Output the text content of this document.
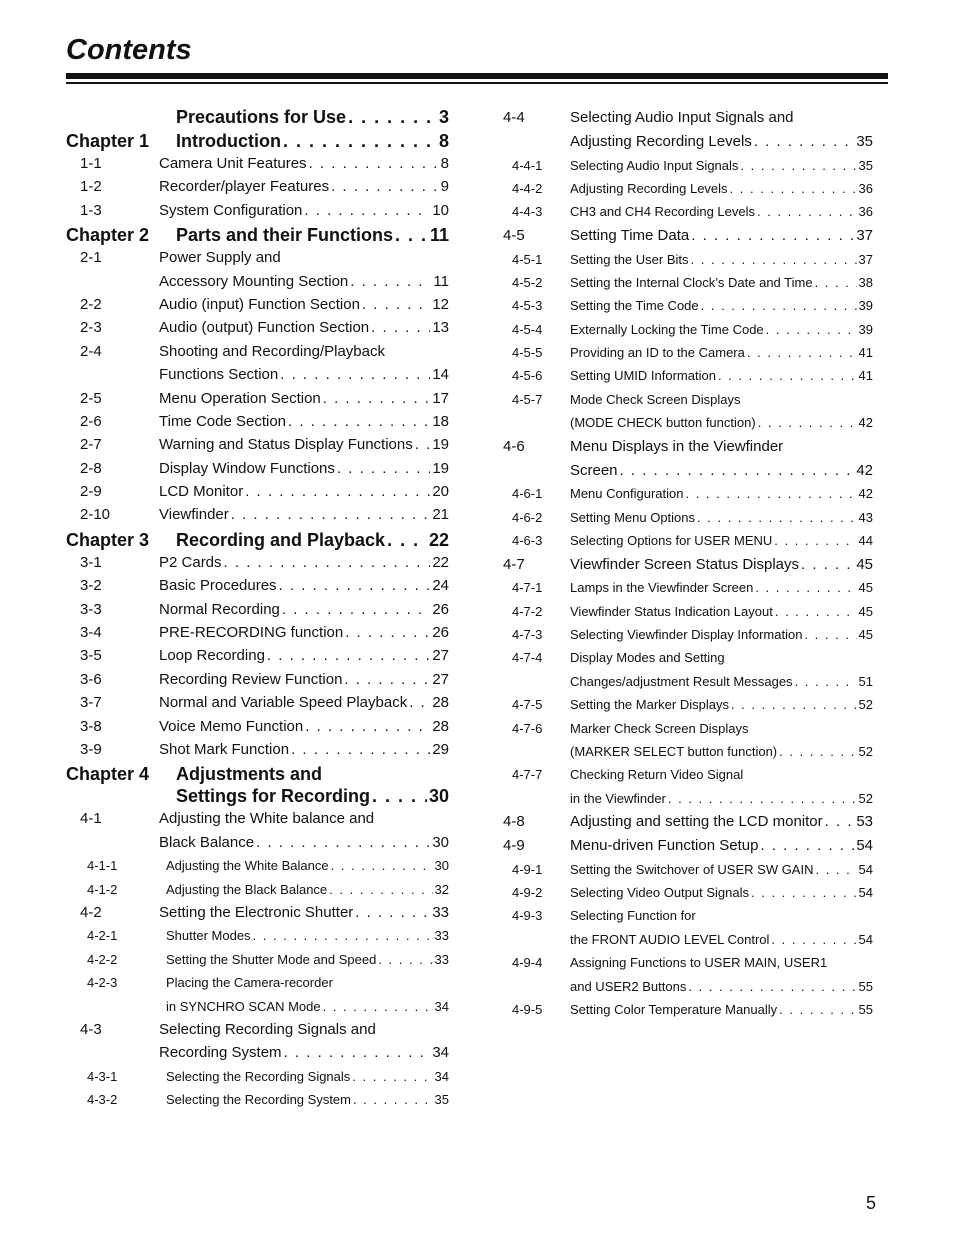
Contents
Precautions for Use . . .	3
Chapter 1	Introduction . . .	8
1-1	Camera Unit Features . . .	8
1-2	Recorder/player Features . . .	9
1-3	System Configuration . . .	10
Chapter 2	Parts and their Functions . . . 11
2-1	Power Supply and
Accessory Mounting Section . . .	11
2-2	Audio (input) Function Section . . .	12
2-3	Audio (output) Function Section . . .	13
2-4	Shooting and Recording/Playback
Functions Section . . .	14
2-5	Menu Operation Section . . .	17
2-6	Time Code Section . . .	18
2-7	Warning and Status Display Functions . . . 19
2-8	Display Window Functions . . .	19
2-9	LCD Monitor . . .	20
2-10	Viewfinder . . .	21
Chapter 3	Recording and Playback . . . 22
3-1	P2 Cards . . .	22
3-2	Basic Procedures . . .	24
3-3	Normal Recording . . .	26
3-4	PRE-RECORDING function . . .	26
3-5	Loop Recording . . .	27
3-6	Recording Review Function . . .	27
3-7	Normal and Variable Speed Playback . . . 28
3-8	Voice Memo Function . . .	28
3-9	Shot Mark Function . . .	29
Chapter 4	Adjustments and
Settings for Recording . . .	30
4-1	Adjusting the White balance and
Black Balance . . .	30
4-1-1	Adjusting the White Balance . . .	30
4-1-2	Adjusting the Black Balance . . .	32
4-2	Setting the Electronic Shutter . . .	33
4-2-1	Shutter Modes . . .	33
4-2-2	Setting the Shutter Mode and Speed . . .	33
4-2-3	Placing the Camera-recorder
in SYNCHRO SCAN Mode . . .	34
4-3	Selecting Recording Signals and
Recording System . . .	34
4-3-1	Selecting the Recording Signals . . .	34
4-3-2	Selecting the Recording System . . .	35
4-4	Selecting Audio Input Signals and
Adjusting Recording Levels . . .	35
4-4-1	Selecting Audio Input Signals . . .	35
4-4-2	Adjusting Recording Levels . . .	36
4-4-3	CH3 and CH4 Recording Levels . . .	36
4-5	Setting Time Data . . .	37
4-5-1	Setting the User Bits . . .	37
4-5-2	Setting the Internal Clock’s Date and Time . . .	38
4-5-3	Setting the Time Code . . .	39
4-5-4	Externally Locking the Time Code . . .	39
4-5-5	Providing an ID to the Camera . . .	41
4-5-6	Setting UMID Information . . .	41
4-5-7	Mode Check Screen Displays
(MODE CHECK button function) . . .	42
4-6	Menu Displays in the Viewfinder
Screen . . .	42
4-6-1	Menu Configuration . . .	42
4-6-2	Setting Menu Options . . .	43
4-6-3	Selecting Options for USER MENU . . .	44
4-7	Viewfinder Screen Status Displays . . .	45
4-7-1	Lamps in the Viewfinder Screen . . .	45
4-7-2	Viewfinder Status Indication Layout . . .	45
4-7-3	Selecting Viewfinder Display Information . . .	45
4-7-4	Display Modes and Setting
Changes/adjustment Result Messages . . .	51
4-7-5	Setting the Marker Displays . . .	52
4-7-6	Marker Check Screen Displays
(MARKER SELECT button function) . . .	52
4-7-7	Checking Return Video Signal
in the Viewfinder . . .	52
4-8	Adjusting and setting the LCD monitor . . . 53
4-9	Menu-driven Function Setup . . .	54
4-9-1	Setting the Switchover of USER SW GAIN . . .	54
4-9-2	Selecting Video Output Signals . . .	54
4-9-3	Selecting Function for
the FRONT AUDIO LEVEL Control . . .	54
4-9-4	Assigning Functions to USER MAIN, USER1
and USER2 Buttons . . .	55
4-9-5	Setting Color Temperature Manually . . .	55
5
